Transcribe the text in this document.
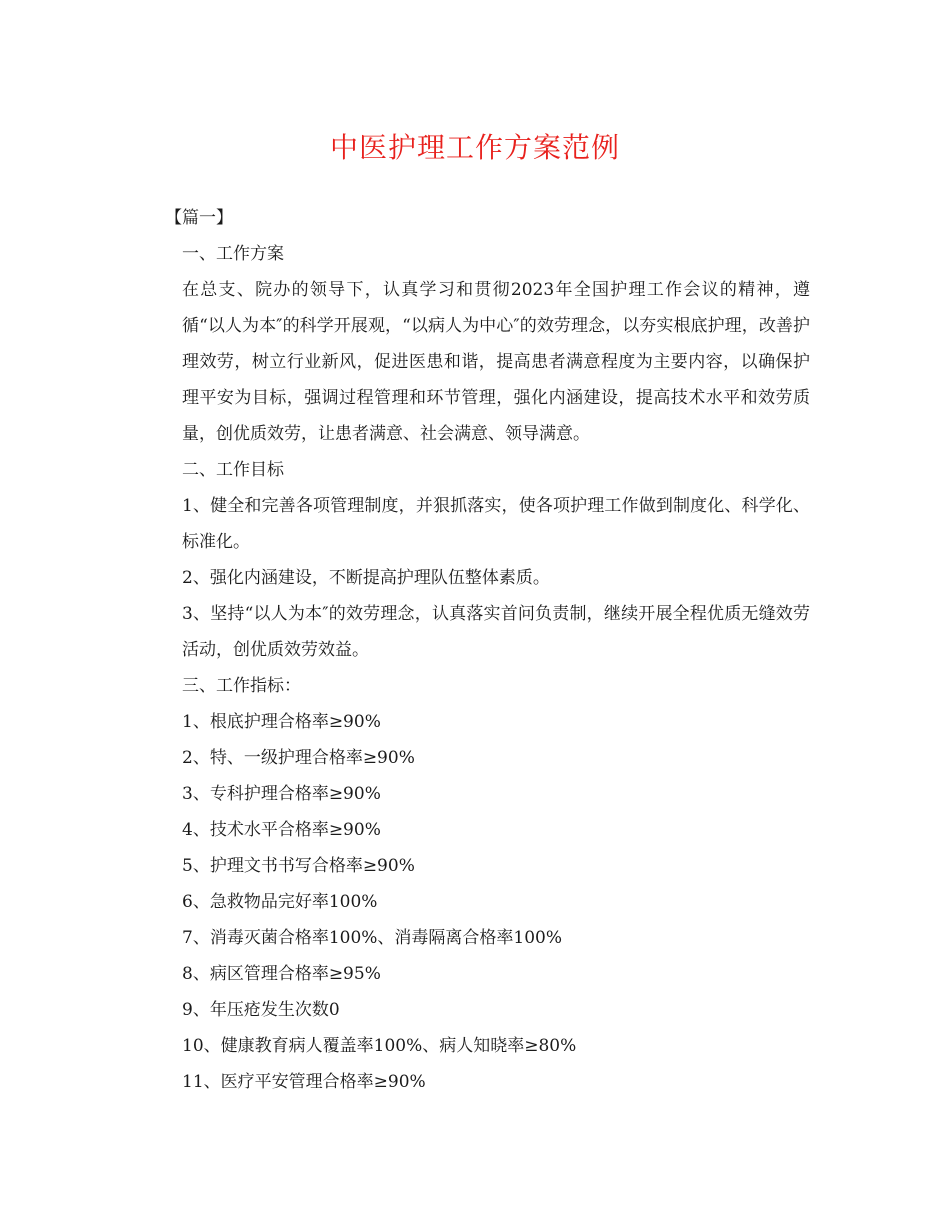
中医护理工作方案范例
【篇一】
一、工作方案
在总支、院办的领导下，认真学习和贯彻2023年全国护理工作会议的精神，遵循“以人为本″的科学开展观，“以病人为中心″的效劳理念，以夯实根底护理，改善护理效劳，树立行业新风，促进医患和谐，提高患者满意程度为主要内容，以确保护理平安为目标，强调过程管理和环节管理，强化内涵建设，提高技术水平和效劳质量，创优质效劳，让患者满意、社会满意、领导满意。
二、工作目标
1、健全和完善各项管理制度，并狠抓落实，使各项护理工作做到制度化、科学化、标准化。
2、强化内涵建设，不断提高护理队伍整体素质。
3、坚持“以人为本″的效劳理念，认真落实首问负责制，继续开展全程优质无缝效劳活动，创优质效劳效益。
三、工作指标：
1、根底护理合格率≥90%
2、特、一级护理合格率≥90%
3、专科护理合格率≥90%
4、技术水平合格率≥90%
5、护理文书书写合格率≥90%
6、急救物品完好率100%
7、消毒灭菌合格率100%、消毒隔离合格率100%
8、病区管理合格率≥95%
9、年压疮发生次数0
10、健康教育病人覆盖率100%、病人知晓率≥80%
11、医疗平安管理合格率≥90%
